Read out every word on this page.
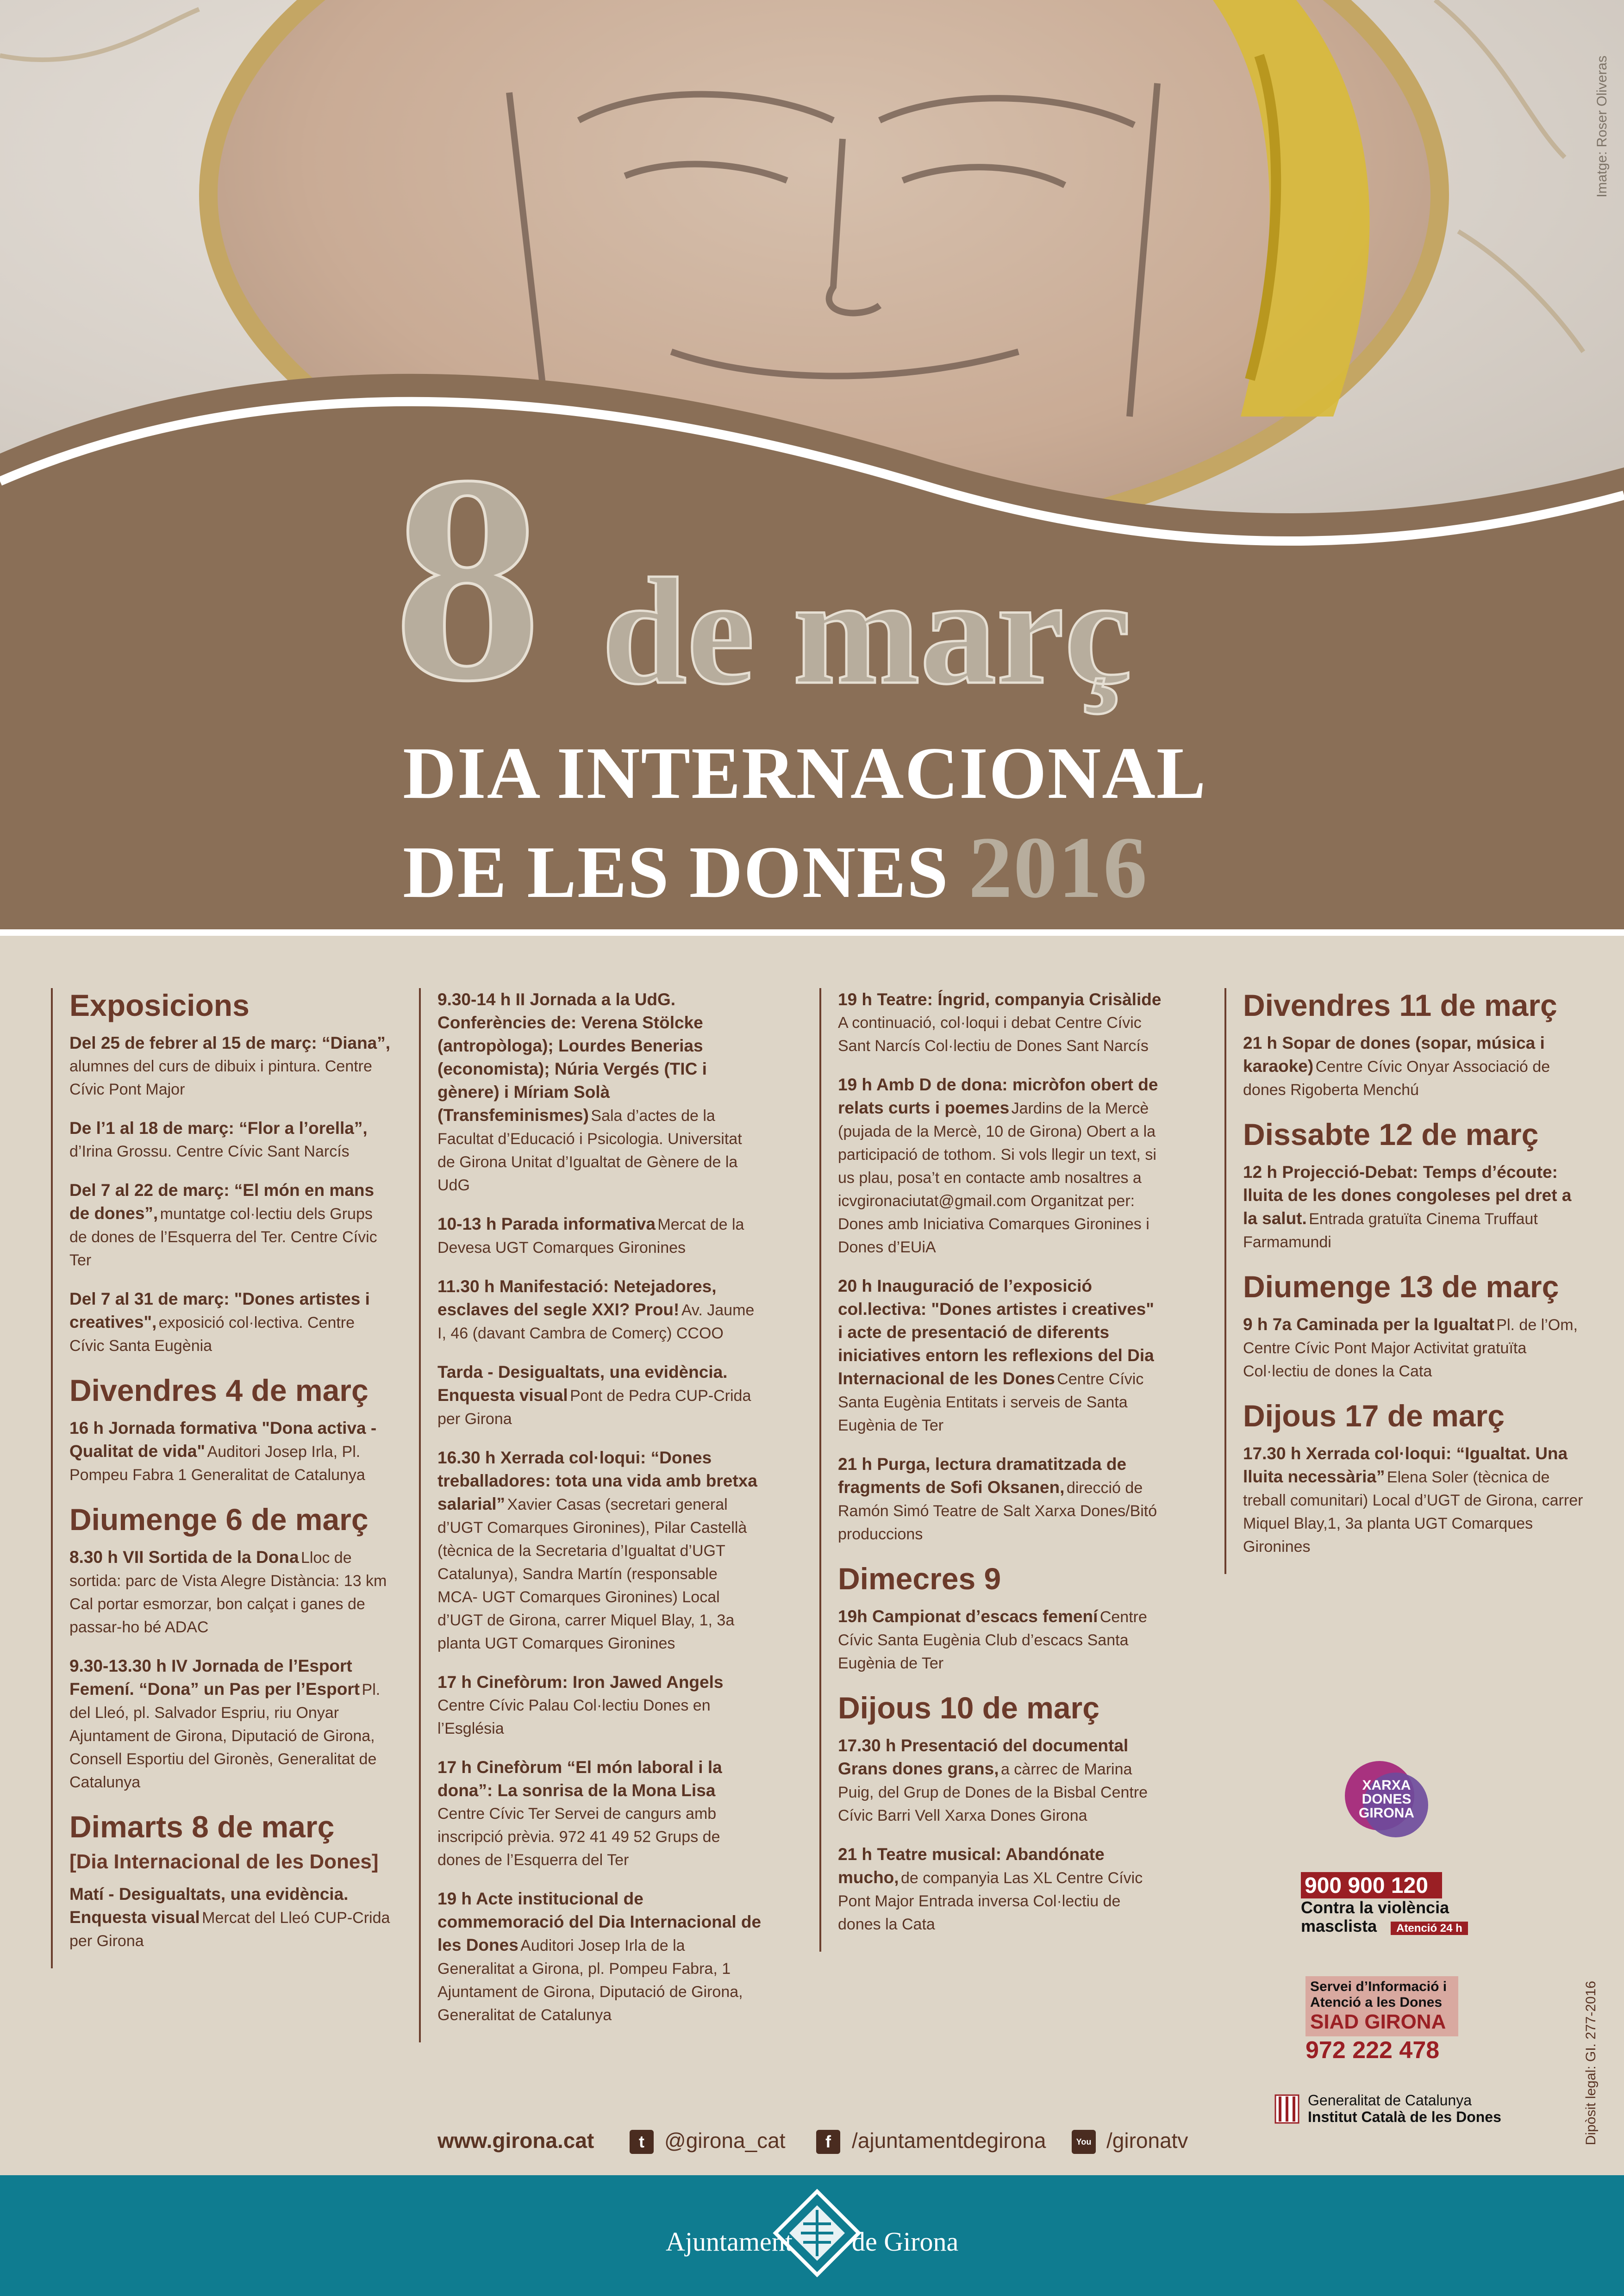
Imatge: Roser Oliveras
8 de març
DIA INTERNACIONAL
DE LES DONES 2016
Exposicions
Del 25 de febrer al 15 de març: “Diana”, alumnes del curs de dibuix i pintura. Centre Cívic Pont Major
De l’1 al 18 de març: “Flor a l’orella”, d’Irina Grossu. Centre Cívic Sant Narcís
Del 7 al 22 de març: “El món en mans de dones”, muntatge col·lectiu dels Grups de dones de l’Esquerra del Ter. Centre Cívic Ter
Del 7 al 31 de març: "Dones artistes i creatives", exposició col·lectiva. Centre Cívic Santa Eugènia
Divendres 4 de març
16 h Jornada formativa "Dona activa - Qualitat de vida" Auditori Josep Irla, Pl. Pompeu Fabra 1 Generalitat de Catalunya
Diumenge 6 de març
8.30 h VII Sortida de la Dona Lloc de sortida: parc de Vista Alegre Distància: 13 km Cal portar esmorzar, bon calçat i ganes de passar-ho bé ADAC
9.30-13.30 h IV Jornada de l’Esport Femení. “Dona” un Pas per l’Esport Pl. del Lleó, pl. Salvador Espriu, riu Onyar Ajuntament de Girona, Diputació de Girona, Consell Esportiu del Gironès, Generalitat de Catalunya
Dimarts 8 de març
[Dia Internacional de les Dones]
Matí - Desigualtats, una evidència. Enquesta visual Mercat del Lleó CUP-Crida per Girona
9.30-14 h II Jornada a la UdG. Conferències de: Verena Stölcke (antropòloga); Lourdes Benerias (economista); Núria Vergés (TIC i gènere) i Míriam Solà (Transfeminismes) Sala d’actes de la Facultat d’Educació i Psicologia. Universitat de Girona Unitat d’Igualtat de Gènere de la UdG
10-13 h Parada informativa Mercat de la Devesa UGT Comarques Gironines
11.30 h Manifestació: Netejadores, esclaves del segle XXI? Prou! Av. Jaume I, 46 (davant Cambra de Comerç) CCOO
Tarda - Desigualtats, una evidència. Enquesta visual Pont de Pedra CUP-Crida per Girona
16.30 h Xerrada col·loqui: “Dones treballadores: tota una vida amb bretxa salarial” Xavier Casas (secretari general d’UGT Comarques Gironines), Pilar Castellà (tècnica de la Secretaria d’Igualtat d’UGT Catalunya), Sandra Martín (responsable MCA- UGT Comarques Gironines) Local d’UGT de Girona, carrer Miquel Blay, 1, 3a planta UGT Comarques Gironines
17 h Cinefòrum: Iron Jawed Angels Centre Cívic Palau Col·lectiu Dones en l’Església
17 h Cinefòrum “El món laboral i la dona”: La sonrisa de la Mona Lisa Centre Cívic Ter Servei de cangurs amb inscripció prèvia. 972 41 49 52 Grups de dones de l’Esquerra del Ter
19 h Acte institucional de commemoració del Dia Internacional de les Dones Auditori Josep Irla de la Generalitat a Girona, pl. Pompeu Fabra, 1 Ajuntament de Girona, Diputació de Girona, Generalitat de Catalunya
19 h Teatre: Íngrid, companyia Crisàlide A continuació, col·loqui i debat Centre Cívic Sant Narcís Col·lectiu de Dones Sant Narcís
19 h Amb D de dona: micròfon obert de relats curts i poemes Jardins de la Mercè (pujada de la Mercè, 10 de Girona) Obert a la participació de tothom. Si vols llegir un text, si us plau, posa’t en contacte amb nosaltres a icvgironaciutat@gmail.com Organitzat per: Dones amb Iniciativa Comarques Gironines i Dones d’EUiA
20 h Inauguració de l’exposició col.lectiva: "Dones artistes i creatives" i acte de presentació de diferents iniciatives entorn les reflexions del Dia Internacional de les Dones Centre Cívic Santa Eugènia Entitats i serveis de Santa Eugènia de Ter
21 h Purga, lectura dramatitzada de fragments de Sofi Oksanen, direcció de Ramón Simó Teatre de Salt Xarxa Dones/Bitó produccions
Dimecres 9
19h Campionat d’escacs femení Centre Cívic Santa Eugènia Club d’escacs Santa Eugènia de Ter
Dijous 10 de març
17.30 h Presentació del documental Grans dones grans, a càrrec de Marina Puig, del Grup de Dones de la Bisbal Centre Cívic Barri Vell Xarxa Dones Girona
21 h Teatre musical: Abandónate mucho, de companyia Las XL Centre Cívic Pont Major Entrada inversa Col·lectiu de dones la Cata
Divendres 11 de març
21 h Sopar de dones (sopar, música i karaoke) Centre Cívic Onyar Associació de dones Rigoberta Menchú
Dissabte 12 de març
12 h Projecció-Debat: Temps d’écoute: lluita de les dones congoleses pel dret a la salut. Entrada gratuïta Cinema Truffaut Farmamundi
Diumenge 13 de març
9 h 7a Caminada per la Igualtat Pl. de l’Om, Centre Cívic Pont Major Activitat gratuïta Col·lectiu de dones la Cata
Dijous 17 de març
17.30 h Xerrada col·loqui: “Igualtat. Una lluita necessària” Elena Soler (tècnica de treball comunitari) Local d’UGT de Girona, carrer Miquel Blay,1, 3a planta UGT Comarques Gironines
XARXA
DONES
GIRONA
900 900 120
Contra la violència
masclista Atenció 24 h
Servei d’Informació i
Atenció a les Dones
SIAD GIRONA
972 222 478
Generalitat de Catalunya
Institut Català de les Dones	Dipòsit legal: GI. 277-2016
www.girona.cat	t @girona_cat	f /ajuntamentdegirona	You /gironatv
Ajuntament de Girona
